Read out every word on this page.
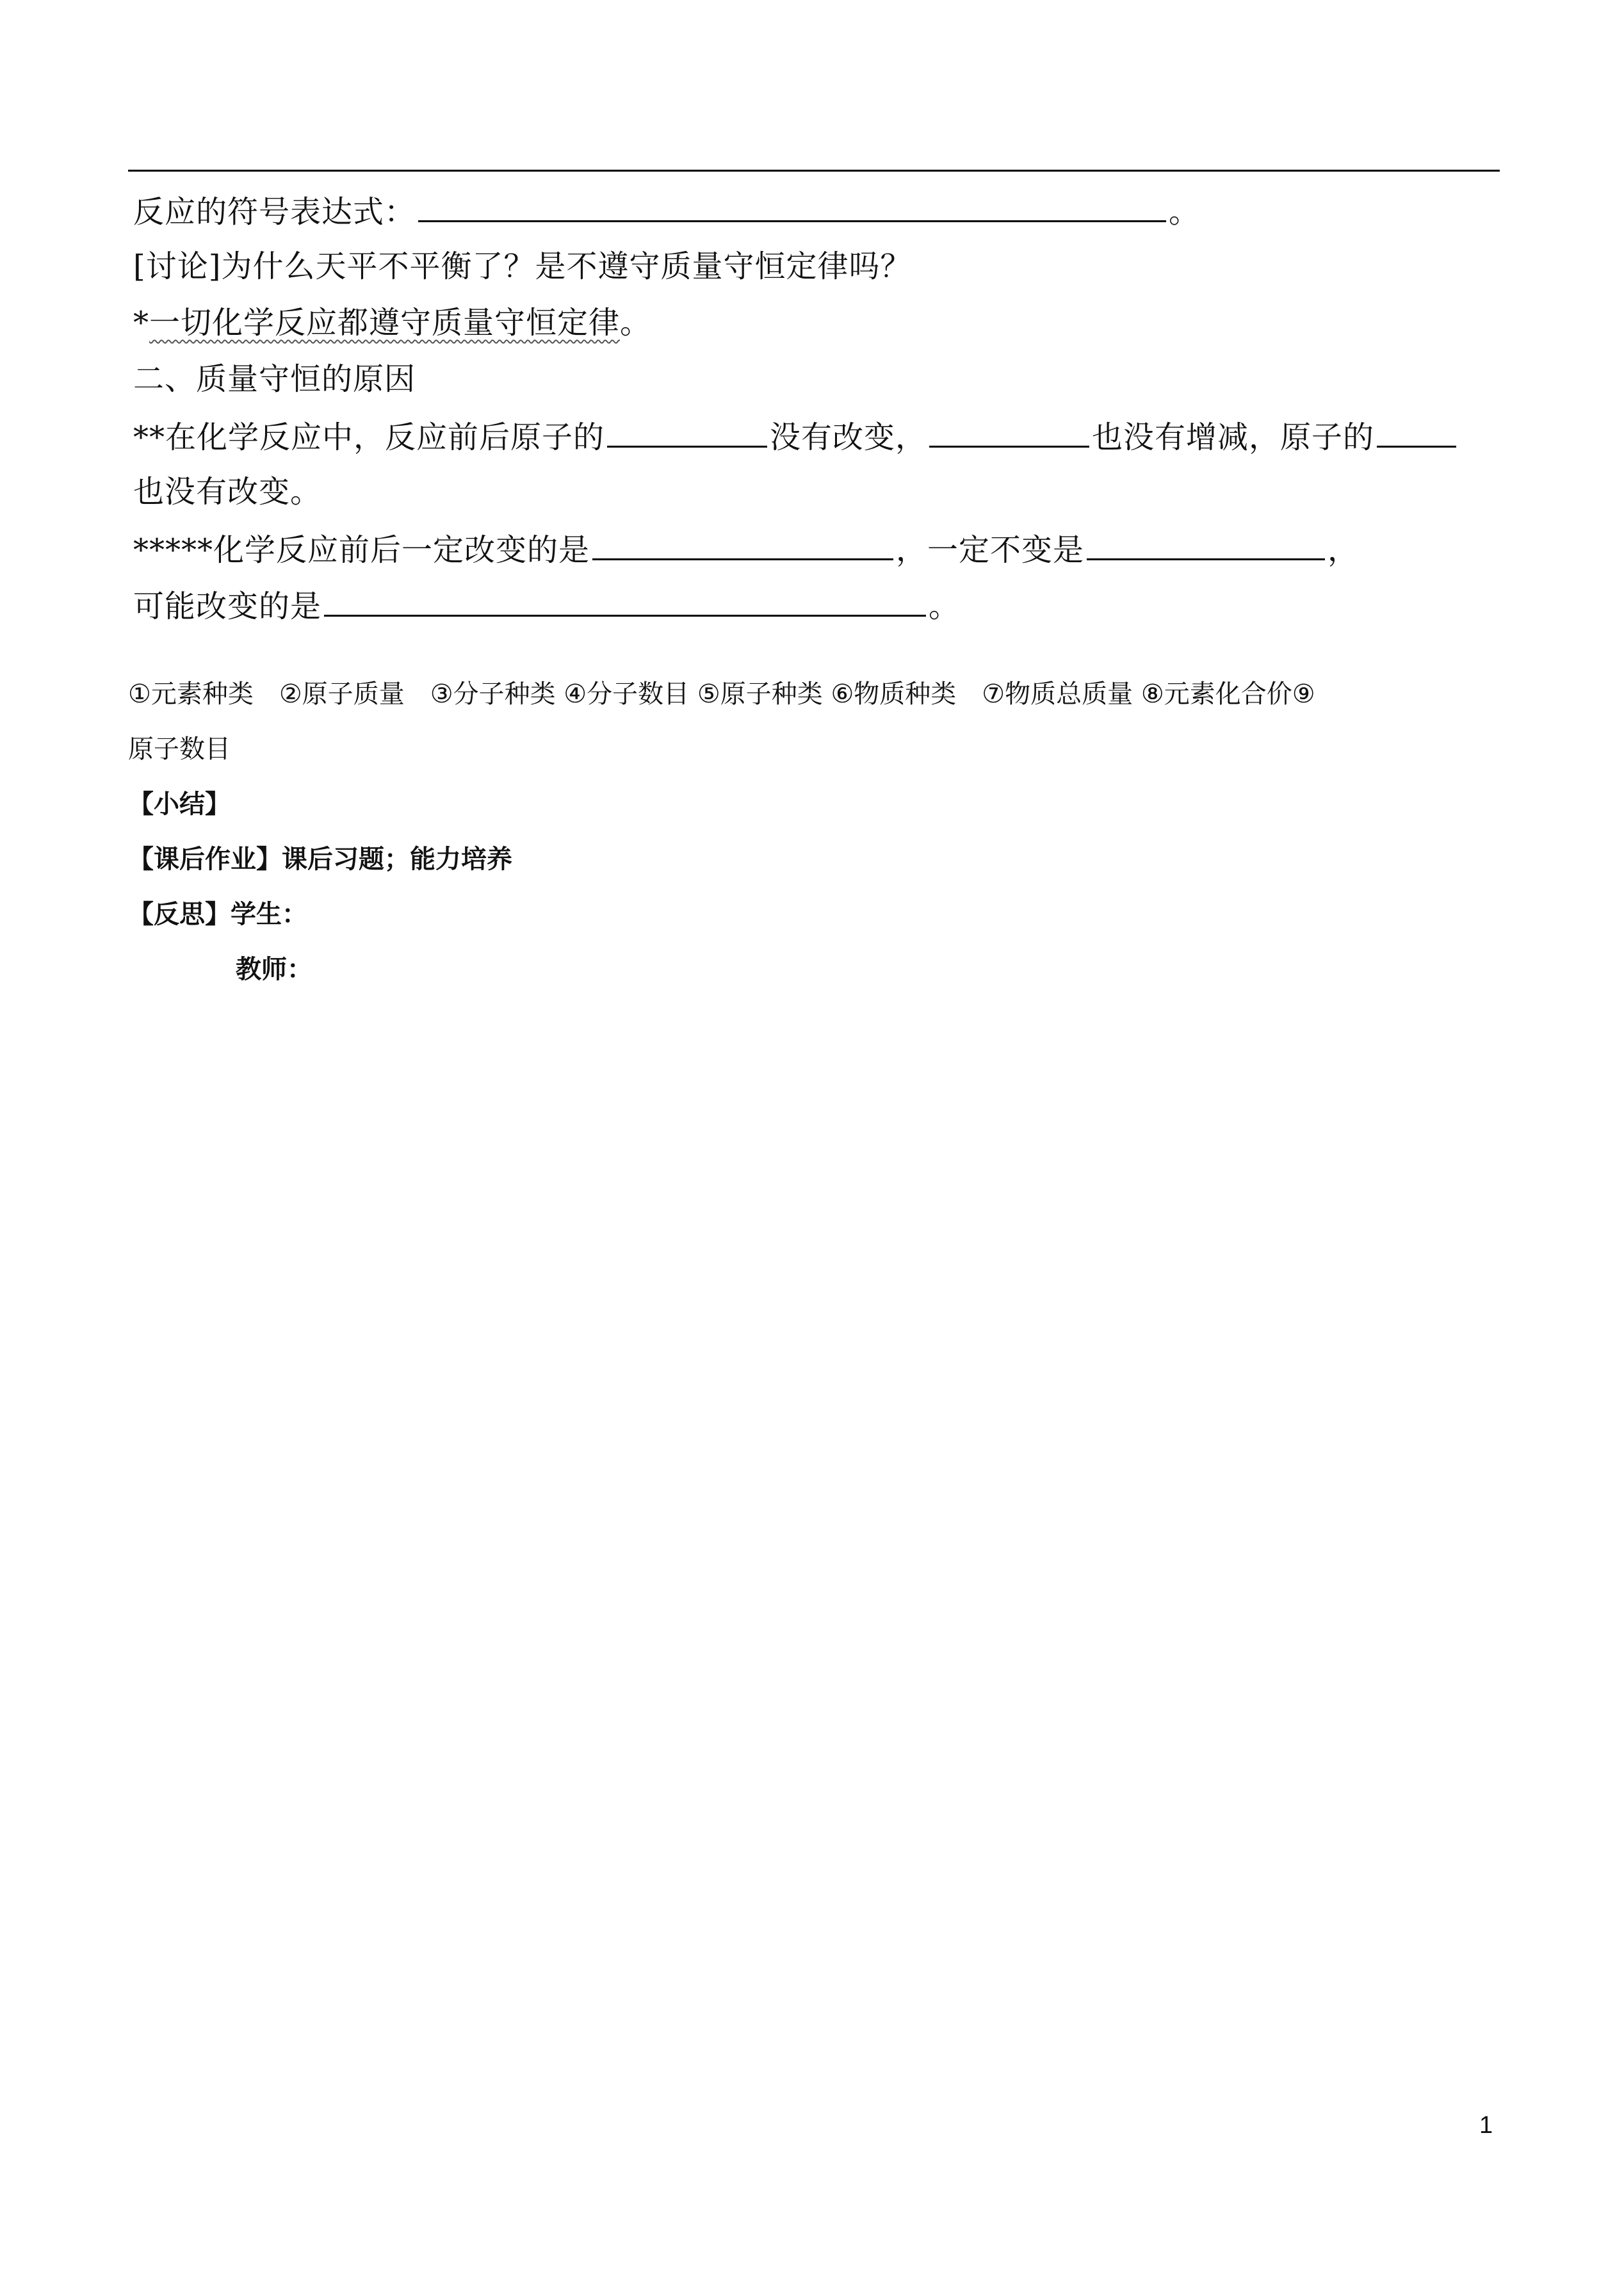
反应的符号表达式：	。
[讨论]为什么天平不平衡了？是不遵守质量守恒定律吗？
*一切化学反应都遵守质量守恒定律。
二、质量守恒的原因
**在化学反应中，反应前后原子的	没有改变，	也没有增减，原子的
也没有改变。
*****化学反应前后一定改变的是	，一定不变是	，
可能改变的是	。
①元素种类　②原子质量　③分子种类 ④分子数目 ⑤原子种类 ⑥物质种类　⑦物质总质量 ⑧元素化合价⑨
原子数目
【小结】
【课后作业】课后习题；能力培养
【反思】学生：
教师：
1
